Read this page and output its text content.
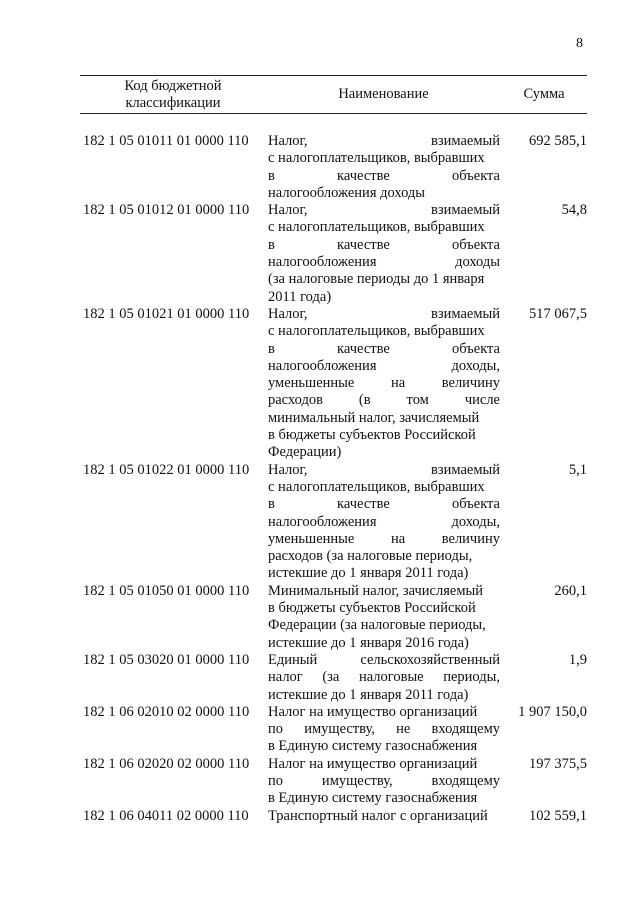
8
Код бюджетной классификации
Наименование	Сумма
182 1 05 01011 01 0000 110 Налог, взимаемый
с налогоплательщиков, выбравших
в качестве объекта
налогообложения доходы
692 585,1
182 1 05 01012 01 0000 110 Налог, взимаемый
с налогоплательщиков, выбравших
в качестве объекта
налогообложения доходы
(за налоговые периоды до 1 января
2011 года)
54,8
182 1 05 01021 01 0000 110 Налог, взимаемый
с налогоплательщиков, выбравших
в качестве объекта
налогообложения доходы,
уменьшенные на величину
расходов (в том числе
минимальный налог, зачисляемый
в бюджеты субъектов Российской
Федерации)
517 067,5
182 1 05 01022 01 0000 110 Налог, взимаемый
с налогоплательщиков, выбравших
в качестве объекта
налогообложения доходы,
уменьшенные на величину
расходов (за налоговые периоды,
истекшие до 1 января 2011 года)
5,1
182 1 05 01050 01 0000 110 Минимальный налог, зачисляемый
в бюджеты субъектов Российской
Федерации (за налоговые периоды,
истекшие до 1 января 2016 года)
260,1
182 1 05 03020 01 0000 110 Единый сельскохозяйственный
налог (за налоговые периоды,
истекшие до 1 января 2011 года)
1,9
182 1 06 02010 02 0000 110 Налог на имущество организаций
по имуществу, не входящему
в Единую систему газоснабжения
1 907 150,0
182 1 06 02020 02 0000 110 Налог на имущество организаций
по имуществу, входящему
в Единую систему газоснабжения
197 375,5
182 1 06 04011 02 0000 110 Транспортный налог с организаций	102 559,1
